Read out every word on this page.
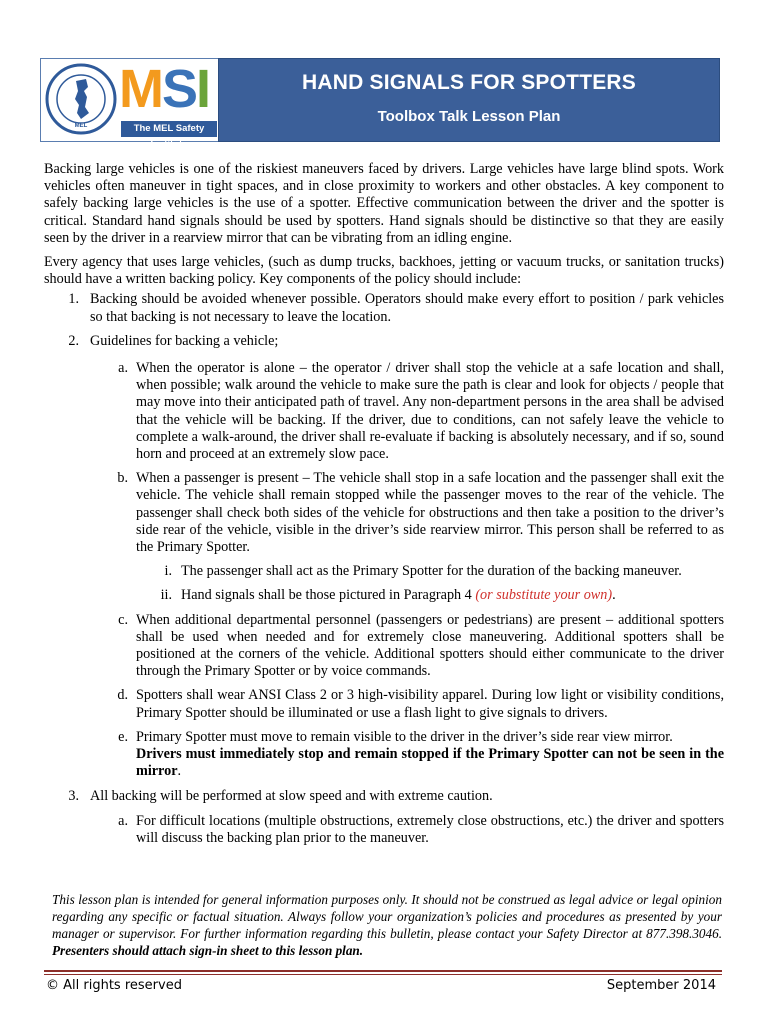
MEL
M S I
The MEL Safety Institute
HAND SIGNALS FOR SPOTTERS
Toolbox Talk Lesson Plan

Backing large vehicles is one of the riskiest maneuvers faced by drivers. Large vehicles have large blind spots. Work vehicles often maneuver in tight spaces, and in close proximity to workers and other obstacles. A key component to safely backing large vehicles is the use of a spotter. Effective communication between the driver and the spotter is critical. Standard hand signals should be used by spotters. Hand signals should be distinctive so that they are easily seen by the driver in a rearview mirror that can be vibrating from an idling engine.

Every agency that uses large vehicles, (such as dump trucks, backhoes, jetting or vacuum trucks, or sanitation trucks) should have a written backing policy. Key components of the policy should include:

1. Backing should be avoided whenever possible. Operators should make every effort to position / park vehicles so that backing is not necessary to leave the location.
2. Guidelines for backing a vehicle;
a. When the operator is alone – the operator / driver shall stop the vehicle at a safe location and shall, when possible; walk around the vehicle to make sure the path is clear and look for objects / people that may move into their anticipated path of travel. Any non-department persons in the area shall be advised that the vehicle will be backing. If the driver, due to conditions, can not safely leave the vehicle to complete a walk-around, the driver shall re-evaluate if backing is absolutely necessary, and if so, sound horn and proceed at an extremely slow pace.
b. When a passenger is present – The vehicle shall stop in a safe location and the passenger shall exit the vehicle. The vehicle shall remain stopped while the passenger moves to the rear of the vehicle. The passenger shall check both sides of the vehicle for obstructions and then take a position to the driver’s side rear of the vehicle, visible in the driver’s side rearview mirror. This person shall be referred to as the Primary Spotter.
i. The passenger shall act as the Primary Spotter for the duration of the backing maneuver.
ii. Hand signals shall be those pictured in Paragraph 4 (or substitute your own).
c. When additional departmental personnel (passengers or pedestrians) are present – additional spotters shall be used when needed and for extremely close maneuvering. Additional spotters shall be positioned at the corners of the vehicle. Additional spotters should either communicate to the driver through the Primary Spotter or by voice commands.
d. Spotters shall wear ANSI Class 2 or 3 high-visibility apparel. During low light or visibility conditions, Primary Spotter should be illuminated or use a flash light to give signals to drivers.
e. Primary Spotter must move to remain visible to the driver in the driver’s side rear view mirror.
Drivers must immediately stop and remain stopped if the Primary Spotter can not be seen in the mirror.
3. All backing will be performed at slow speed and with extreme caution.
a. For difficult locations (multiple obstructions, extremely close obstructions, etc.) the driver and spotters will discuss the backing plan prior to the maneuver.
This lesson plan is intended for general information purposes only. It should not be construed as legal advice or legal opinion regarding any specific or factual situation. Always follow your organization’s policies and procedures as presented by your manager or supervisor. For further information regarding this bulletin, please contact your Safety Director at 877.398.3046. Presenters should attach sign-in sheet to this lesson plan.
© All rights reserved	September 2014
